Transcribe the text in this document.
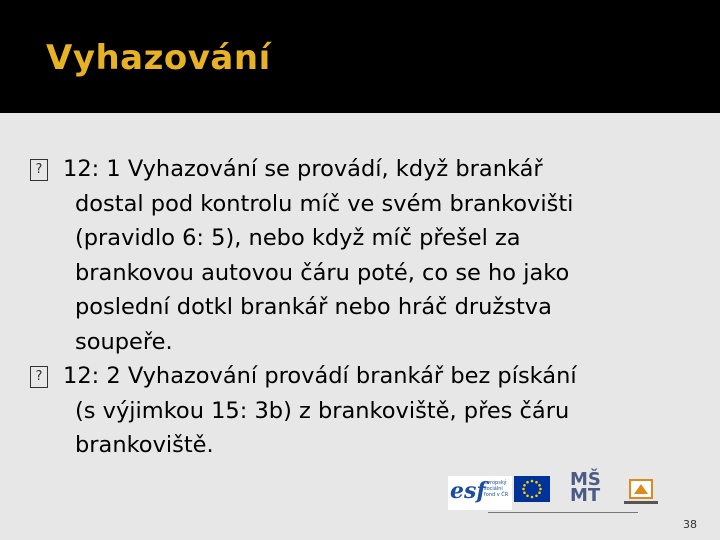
Vyhazování
? 12: 1 Vyhazování se provádí, když brankář
dostal pod kontrolu míč ve svém brankovišti
(pravidlo 6: 5), nebo když míč přešel za
brankovou autovou čáru poté, co se ho jako
poslední dotkl brankář nebo hráč družstva
soupeře.
? 12: 2 Vyhazování provádí brankář bez pískání
(s výjimkou 15: 3b) z brankoviště, přes čáru
brankoviště.
esf
evropský
sociální
fond v ČR
MŠ
MT
38
